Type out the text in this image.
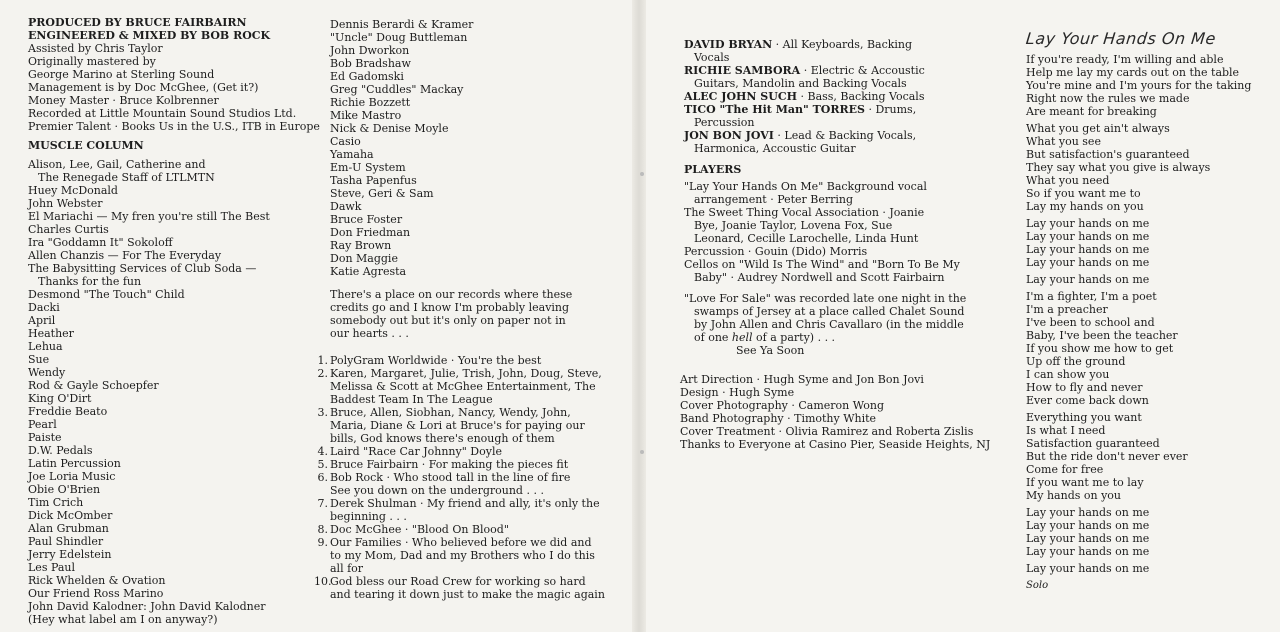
PRODUCED BY BRUCE FAIRBAIRN
ENGINEERED & MIXED BY BOB ROCK
Assisted by Chris Taylor
Originally mastered by
George Marino at Sterling Sound
Management is by Doc McGhee, (Get it?)
Money Master · Bruce Kolbrenner
Recorded at Little Mountain Sound Studios Ltd.
Premier Talent · Books Us in the U.S., ITB in Europe
MUSCLE COLUMN
Alison, Lee, Gail, Catherine and
The Renegade Staff of LTLMTN
Huey McDonald
John Webster
El Mariachi — My fren you're still The Best
Charles Curtis
Ira "Goddamn It" Sokoloff
Allen Chanzis — For The Everyday
The Babysitting Services of Club Soda —
Thanks for the fun
Desmond "The Touch" Child
Dacki
April
Heather
Lehua
Sue
Wendy
Rod & Gayle Schoepfer
King O'Dirt
Freddie Beato
Pearl
Paiste
D.W. Pedals
Latin Percussion
Joe Loria Music
Obie O'Brien
Tim Crich
Dick McOmber
Alan Grubman
Paul Shindler
Jerry Edelstein
Les Paul
Rick Whelden & Ovation
Our Friend Ross Marino
John David Kalodner: John David Kalodner
(Hey what label am I on anyway?)
Dennis Berardi & Kramer
"Uncle" Doug Buttleman
John Dworkon
Bob Bradshaw
Ed Gadomski
Greg "Cuddles" Mackay
Richie Bozzett
Mike Mastro
Nick & Denise Moyle
Casio
Yamaha
Em-U System
Tasha Papenfus
Steve, Geri & Sam
Dawk
Bruce Foster
Don Friedman
Ray Brown
Don Maggie
Katie Agresta
There's a place on our records where these
credits go and I know I'm probably leaving
somebody out but it's only on paper not in
our hearts . . .
1. PolyGram Worldwide · You're the best
2. Karen, Margaret, Julie, Trish, John, Doug, Steve,
Melissa & Scott at McGhee Entertainment, The
Baddest Team In The League
3. Bruce, Allen, Siobhan, Nancy, Wendy, John,
Maria, Diane & Lori at Bruce's for paying our
bills, God knows there's enough of them
4. Laird "Race Car Johnny" Doyle
5. Bruce Fairbairn · For making the pieces fit
6. Bob Rock · Who stood tall in the line of fire
See you down on the underground . . .
7. Derek Shulman · My friend and ally, it's only the
beginning . . .
8. Doc McGhee · "Blood On Blood"
9. Our Families · Who believed before we did and
to my Mom, Dad and my Brothers who I do this
all for
10.
God bless our Road Crew for working so hard
and tearing it down just to make the magic again
DAVID BRYAN · All Keyboards, Backing
Vocals
RICHIE SAMBORA · Electric & Accoustic
Guitars, Mandolin and Backing Vocals
ALEC JOHN SUCH · Bass, Backing Vocals
TICO "The Hit Man" TORRES · Drums,
Percussion
JON BON JOVI · Lead & Backing Vocals,
Harmonica, Accoustic Guitar
PLAYERS
"Lay Your Hands On Me" Background vocal
arrangement · Peter Berring
The Sweet Thing Vocal Association · Joanie
Bye, Joanie Taylor, Lovena Fox, Sue
Leonard, Cecille Larochelle, Linda Hunt
Percussion · Gouin (Dido) Morris
Cellos on "Wild Is The Wind" and "Born To Be My
Baby" · Audrey Nordwell and Scott Fairbairn
"Love For Sale" was recorded late one night in the
swamps of Jersey at a place called Chalet Sound
by John Allen and Chris Cavallaro (in the middle
of one hell of a party) . . .
See Ya Soon
Art Direction · Hugh Syme and Jon Bon Jovi
Design · Hugh Syme
Cover Photography · Cameron Wong
Band Photography · Timothy White
Cover Treatment · Olivia Ramirez and Roberta Zislis
Thanks to Everyone at Casino Pier, Seaside Heights, NJ
Lay Your Hands On Me
If you're ready, I'm willing and able
Help me lay my cards out on the table
You're mine and I'm yours for the taking
Right now the rules we made
Are meant for breaking
What you get ain't always
What you see
But satisfaction's guaranteed
They say what you give is always
What you need
So if you want me to
Lay my hands on you
Lay your hands on me
Lay your hands on me
Lay your hands on me
Lay your hands on me
Lay your hands on me
I'm a fighter, I'm a poet
I'm a preacher
I've been to school and
Baby, I've been the teacher
If you show me how to get
Up off the ground
I can show you
How to fly and never
Ever come back down
Everything you want
Is what I need
Satisfaction guaranteed
But the ride don't never ever
Come for free
If you want me to lay
My hands on you
Lay your hands on me
Lay your hands on me
Lay your hands on me
Lay your hands on me
Lay your hands on me
Solo
